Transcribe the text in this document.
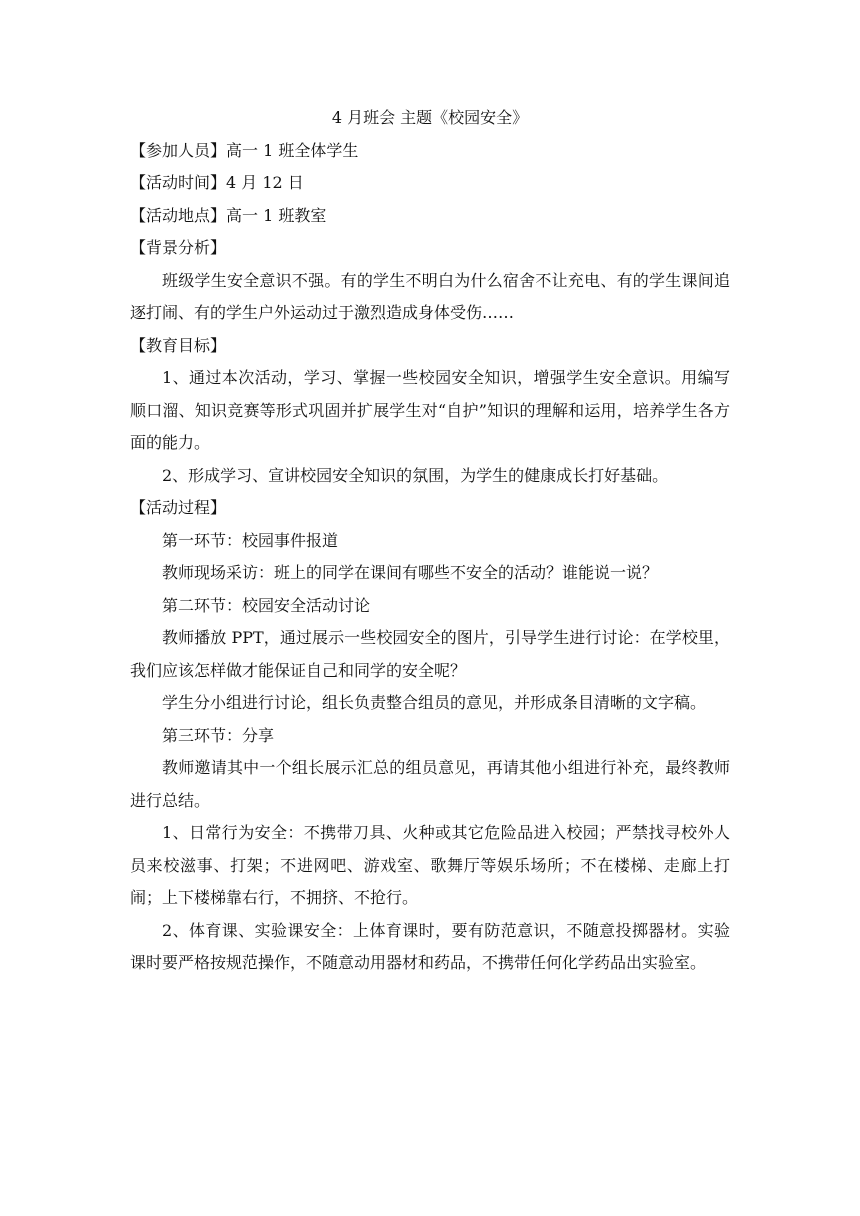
4 月班会 主题《校园安全》

【参加人员】高一 1 班全体学生

【活动时间】4 月 12 日

【活动地点】高一 1 班教室

【背景分析】

班级学生安全意识不强。有的学生不明白为什么宿舍不让充电、有的学生课间追逐打闹、有的学生户外运动过于激烈造成身体受伤……

【教育目标】

1、通过本次活动，学习、掌握一些校园安全知识，增强学生安全意识。用编写顺口溜、知识竞赛等形式巩固并扩展学生对“自护”知识的理解和运用，培养学生各方面的能力。

2、形成学习、宣讲校园安全知识的氛围，为学生的健康成长打好基础。

【活动过程】

第一环节：校园事件报道

教师现场采访：班上的同学在课间有哪些不安全的活动？谁能说一说？

第二环节：校园安全活动讨论

教师播放 PPT，通过展示一些校园安全的图片，引导学生进行讨论：在学校里，我们应该怎样做才能保证自己和同学的安全呢？

学生分小组进行讨论，组长负责整合组员的意见，并形成条目清晰的文字稿。

第三环节：分享

教师邀请其中一个组长展示汇总的组员意见，再请其他小组进行补充，最终教师进行总结。

1、日常行为安全：不携带刀具、火种或其它危险品进入校园；严禁找寻校外人员来校滋事、打架；不进网吧、游戏室、歌舞厅等娱乐场所；不在楼梯、走廊上打闹；上下楼梯靠右行，不拥挤、不抢行。

2、体育课、实验课安全：上体育课时，要有防范意识，不随意投掷器材。实验课时要严格按规范操作，不随意动用器材和药品，不携带任何化学药品出实验室。
